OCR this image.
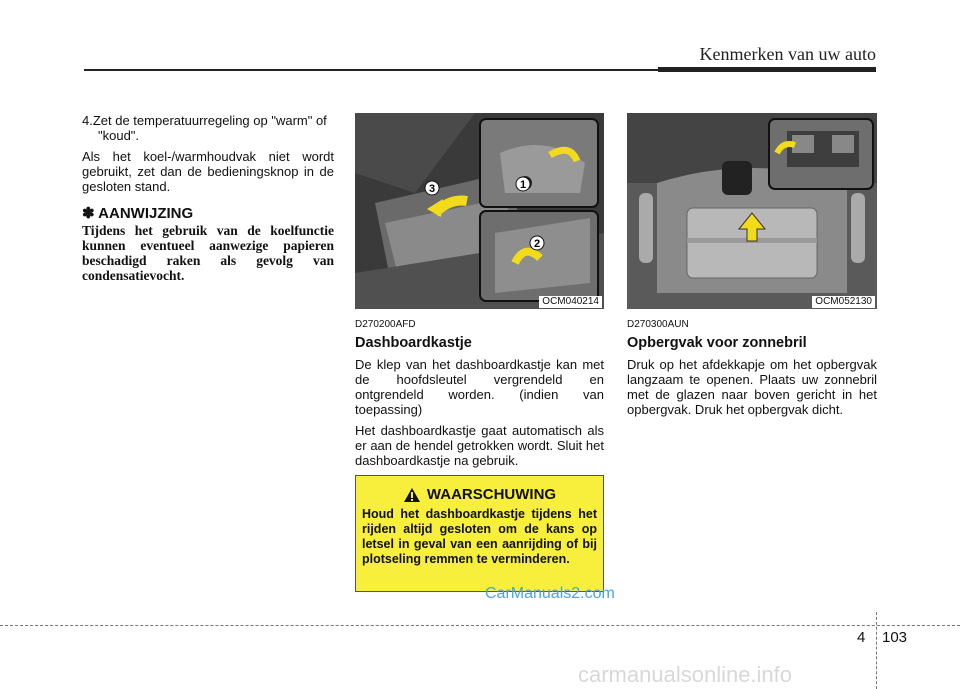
Kenmerken van uw auto

4.Zet de temperatuurregeling op "warm" of "koud".

Als het koel-/warmhoudvak niet wordt gebruikt, zet dan de bedieningsknop in de gesloten stand.

✽ AANWIJZING
Tijdens het gebruik van de koelfunctie kunnen eventueel aanwezige papieren beschadigd raken als gevolg van condensatievocht.
1
2
3
OCM040214
D270200AFD
Dashboardkastje

De klep van het dashboardkastje kan met de hoofdsleutel vergrendeld en ontgrendeld worden. (indien van toepassing)

Het dashboardkastje gaat automatisch als er aan de hendel getrokken wordt. Sluit het dashboardkastje na gebruik.

OCM052130
D270300AUN
Opbergvak voor zonnebril

Druk op het afdekkapje om het opbergvak langzaam te openen. Plaats uw zonnebril met de glazen naar boven gericht in het opbergvak. Druk het opbergvak dicht.

WAARSCHUWING
Houd het dashboardkastje tijdens het rijden altijd gesloten om de kans op letsel in geval van een aanrijding of bij plotseling remmen te verminderen.
CarManuals2.com
4 103
carmanualsonline.info
